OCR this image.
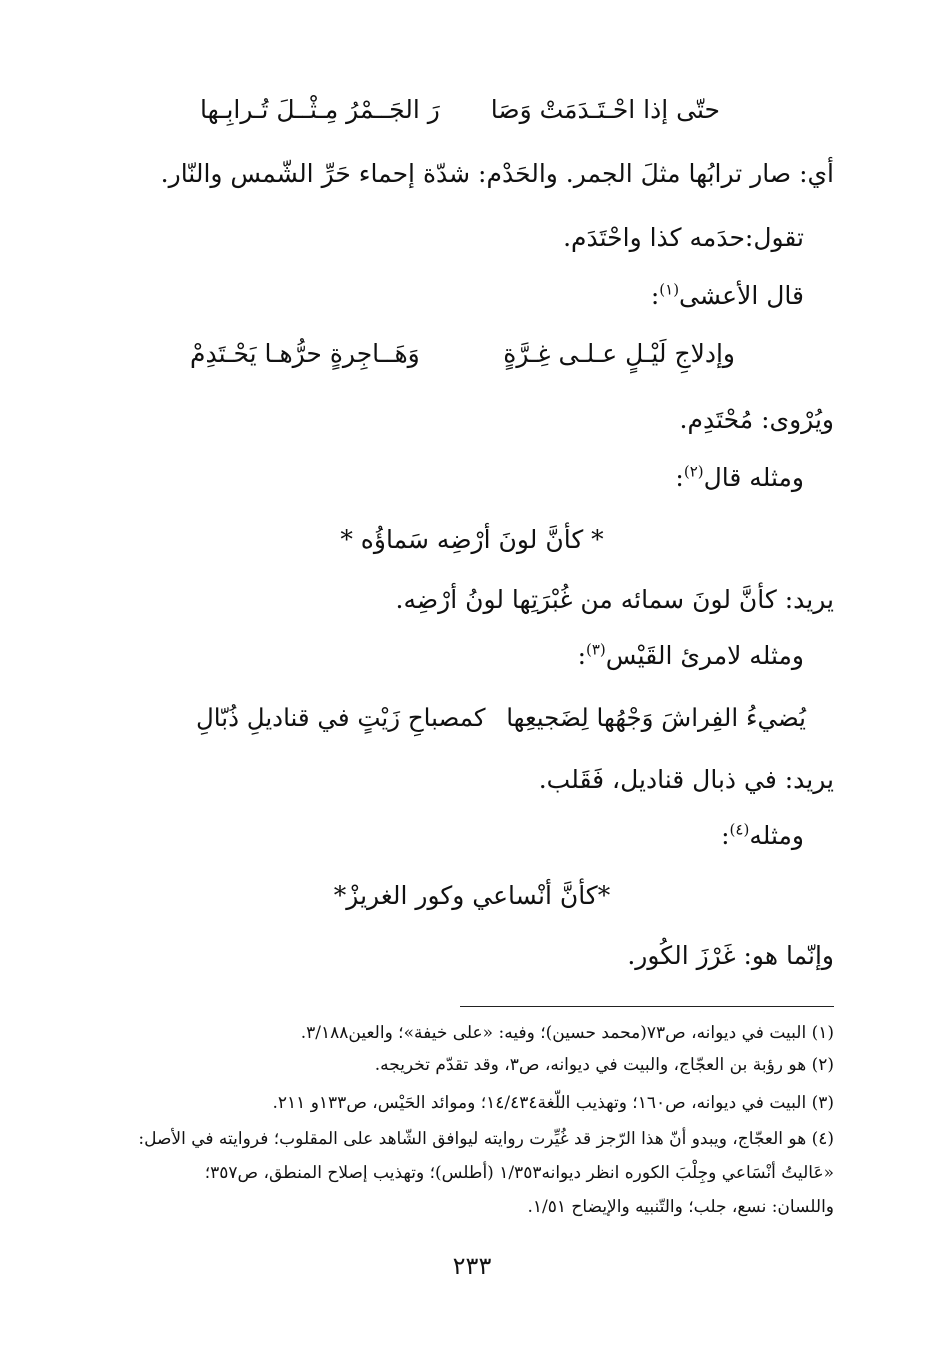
حتّى إذا احْـتَـدَمَتْ وَصَا
رَ الجَــمْرُ مِـثْــلَ تُـرابِـها
أي: صار ترابُها مثلَ الجمر. والحَدْم: شدّة إحماء حَرِّ الشّمس والنّار.
تقول:حدَمه كذا واحْتَدَم.
قال الأعشى$^{(١)}$:
وإدلاجِ لَيْـلٍ عـلـى غِـرَّةٍ
وَهَــاجِرةٍ حرُّهـا يَحْـتَدِمْ
ويُرْوى: مُحْتَدِم.
ومثله قال$^{(٢)}$:
* كأنَّ لونَ أرْضِه سَماؤُه *
يريد: كأنَّ لونَ سمائه من غُبْرَتِها لونُ أرْضِه.
ومثله لامرئ القَيْس$^{(٣)}$:
يُضيءُ الفِراشَ وَجْهُها لِضَجيعِها
كمصباحِ زَيْتٍ في قناديلِ ذُبّالِ
يريد: في ذبال قناديل، فَقَلب.
ومثله$^{(٤)}$:
*كأنَّ أنْساعي وكور الغريزْ*
وإنّما هو: غَرْزَ الكُور.
(١) البيت في ديوانه، ص٧٣(محمد حسين)؛ وفيه: «على خيفة»؛ والعين٣/١٨٨.
(٢) هو رؤبة بن العجّاج، والبيت في ديوانه، ص٣، وقد تقدّم تخريجه.
(٣) البيت في ديوانه، ص١٦٠؛ وتهذيب اللّغة١٤/٤٣٤؛ وموائد الحَيْس، ص١٣٣و ٢١١.
(٤) هو العجّاج، ويبدو أنّ هذا الرّجز قد غُيِّرت روايته ليوافق الشّاهد على المقلوب؛ فروايته في الأصل:
«عَاليتُ أنْسَاعي وجِلْبَ الكوره انظر ديوانه١/٣٥٣ (أطلس)؛ وتهذيب إصلاح المنطق، ص٣٥٧؛
واللسان: نسع، جلب؛ والتّنبيه والإيضاح ١/٥١.
٢٣٣
